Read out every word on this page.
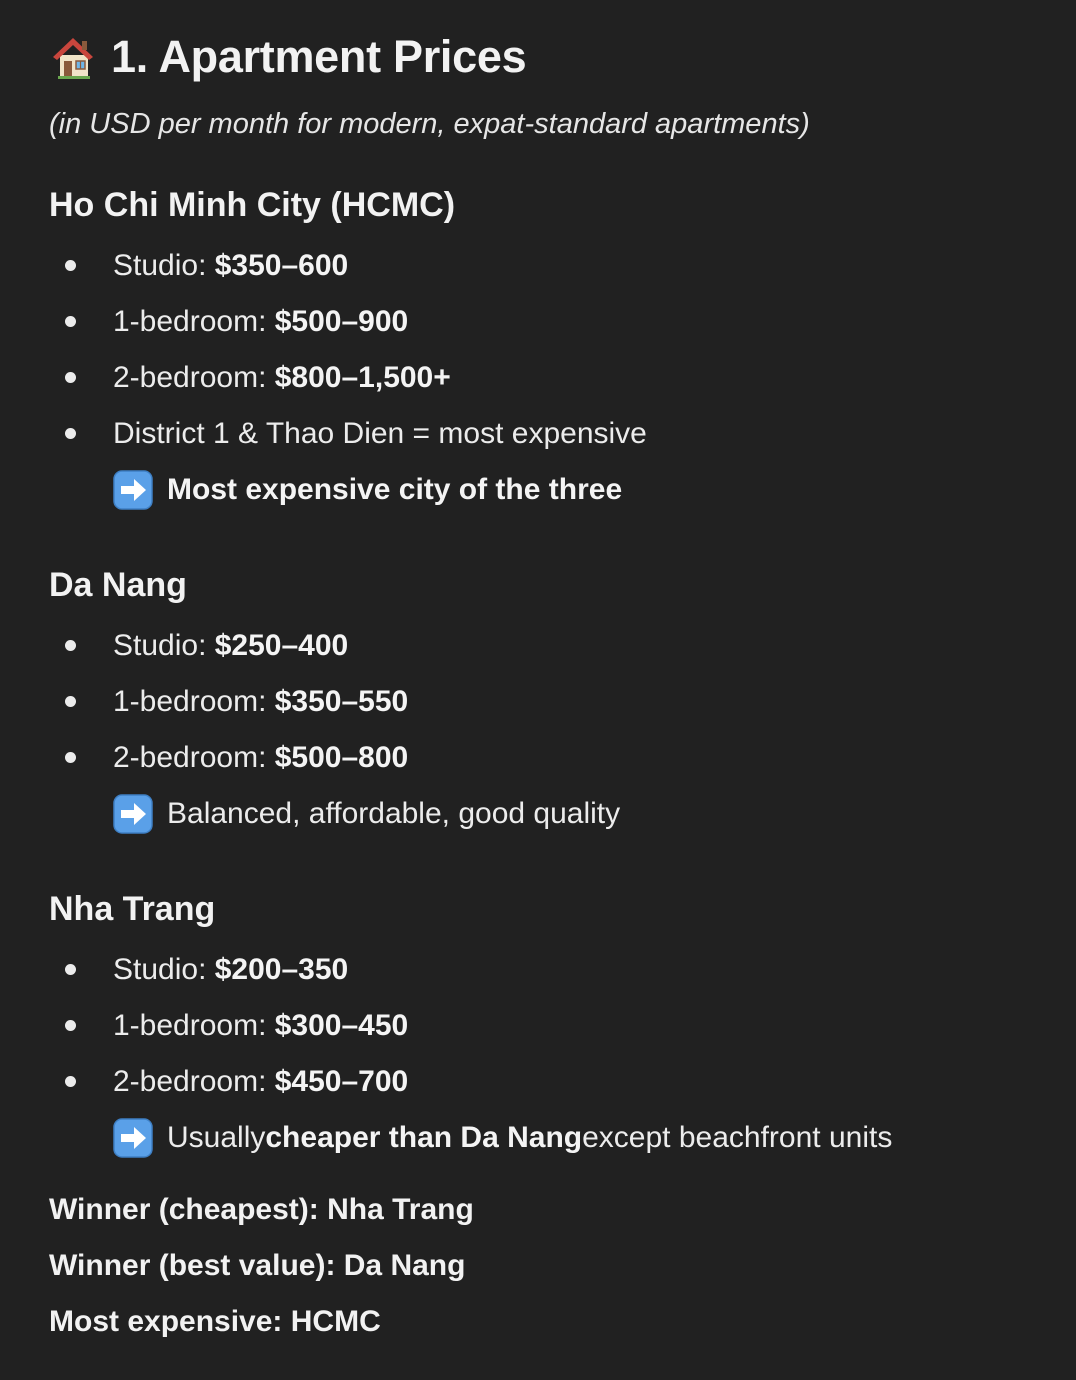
1. Apartment Prices
(in USD per month for modern, expat-standard apartments)
Ho Chi Minh City (HCMC)
Studio: $350–600
1-bedroom: $500–900
2-bedroom: $800–1,500+
District 1 & Thao Dien = most expensive
Most expensive city of the three
Da Nang
Studio: $250–400
1-bedroom: $350–550
2-bedroom: $500–800
Balanced, affordable, good quality
Nha Trang
Studio: $200–350
1-bedroom: $300–450
2-bedroom: $450–700
Usually cheaper than Da Nang except beachfront units
Winner (cheapest): Nha Trang
Winner (best value): Da Nang
Most expensive: HCMC
